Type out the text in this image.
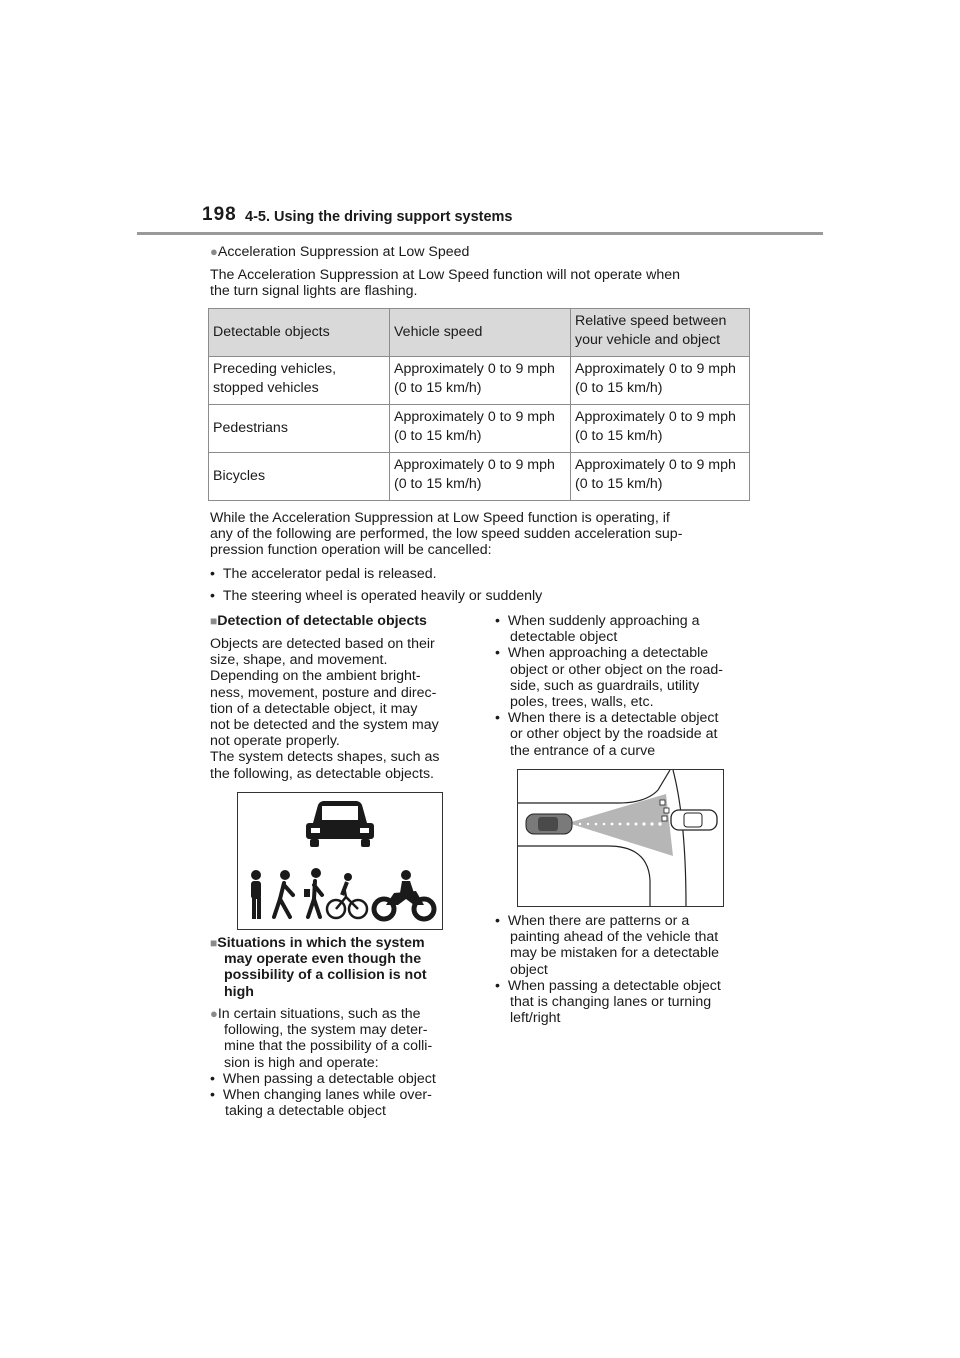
198 4-5. Using the driving support systems
●Acceleration Suppression at Low Speed
The Acceleration Suppression at Low Speed function will not operate when
the turn signal lights are flashing.
Detectable objects	Vehicle speed	Relative speed between your vehicle and object
Preceding vehicles, stopped vehicles	Approximately 0 to 9 mph (0 to 15 km/h)	Approximately 0 to 9 mph (0 to 15 km/h)
Pedestrians	Approximately 0 to 9 mph (0 to 15 km/h)	Approximately 0 to 9 mph (0 to 15 km/h)
Bicycles	Approximately 0 to 9 mph (0 to 15 km/h)	Approximately 0 to 9 mph (0 to 15 km/h)
While the Acceleration Suppression at Low Speed function is operating, if
any of the following are performed, the low speed sudden acceleration sup-
pression function operation will be cancelled:
• The accelerator pedal is released.
• The steering wheel is operated heavily or suddenly
■Detection of detectable objects
Objects are detected based on their
size, shape, and movement.
Depending on the ambient bright-
ness, movement, posture and direc-
tion of a detectable object, it may
not be detected and the system may
not operate properly.
The system detects shapes, such as
the following, as detectable objects.
■Situations in which the system
may operate even though the
possibility of a collision is not
high
●In certain situations, such as the
following, the system may deter-
mine that the possibility of a colli-
sion is high and operate:
• When passing a detectable object
• When changing lanes while over-
taking a detectable object
• When suddenly approaching a
detectable object
• When approaching a detectable
object or other object on the road-
side, such as guardrails, utility
poles, trees, walls, etc.
• When there is a detectable object
or other object by the roadside at
the entrance of a curve
• When there are patterns or a
painting ahead of the vehicle that
may be mistaken for a detectable
object
• When passing a detectable object
that is changing lanes or turning
left/right
